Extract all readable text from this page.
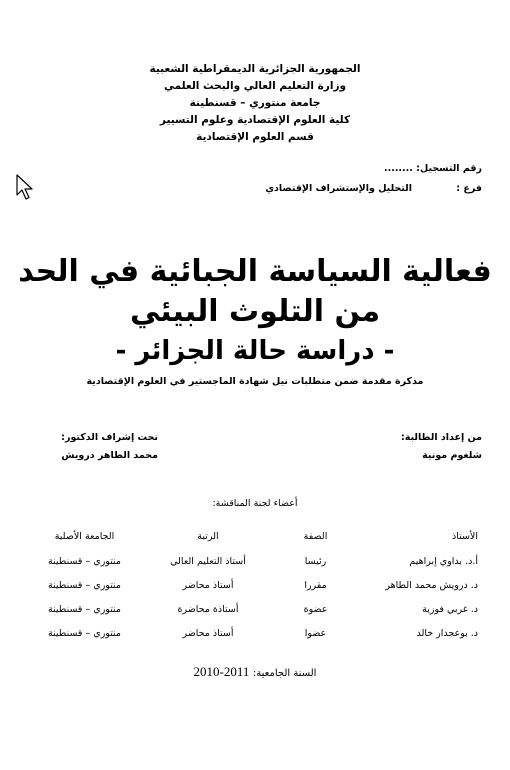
الجمهورية الجزائرية الديمقراطية الشعبية
وزارة التعليم العالي والبحث العلمي
جامعة منتوري – قسنطينة
كلية العلوم الإقتصادية وعلوم التسيير
قسم العلوم الإقتصادية
رقم التسجيل: ........
فرع :
التحليل والإستشراف الإقتصادي
فعالية السياسة الجبائية في الحد من التلوث البيئي
- دراسة حالة الجزائر -
مذكرة مقدمة ضمن متطلبات نيل شهادة الماجستير في العلوم الإقتصادية
من إعداد الطالبة:
شلغوم مونية
تحت إشراف الدكتور:
محمد الطاهر درويش
أعضاء لجنة المناقشة:
الأستاذ	الصفة	الرتبة	الجامعة الأصلية
أ.د. بداوي إبراهيم	رئيسا	أستاذ التعليم العالي	منتوري – قسنطينة
د. درويش محمد الطاهر	مقررا	أستاذ محاضر	منتوري – قسنطينة
د. غربي فوزية	عضوة	أستاذة محاضرة	منتوري – قسنطينة
د. بوعجدار خالد	عضوا	أستاذ محاضر	منتوري – قسنطينة
السنة الجامعية: 2010-2011
